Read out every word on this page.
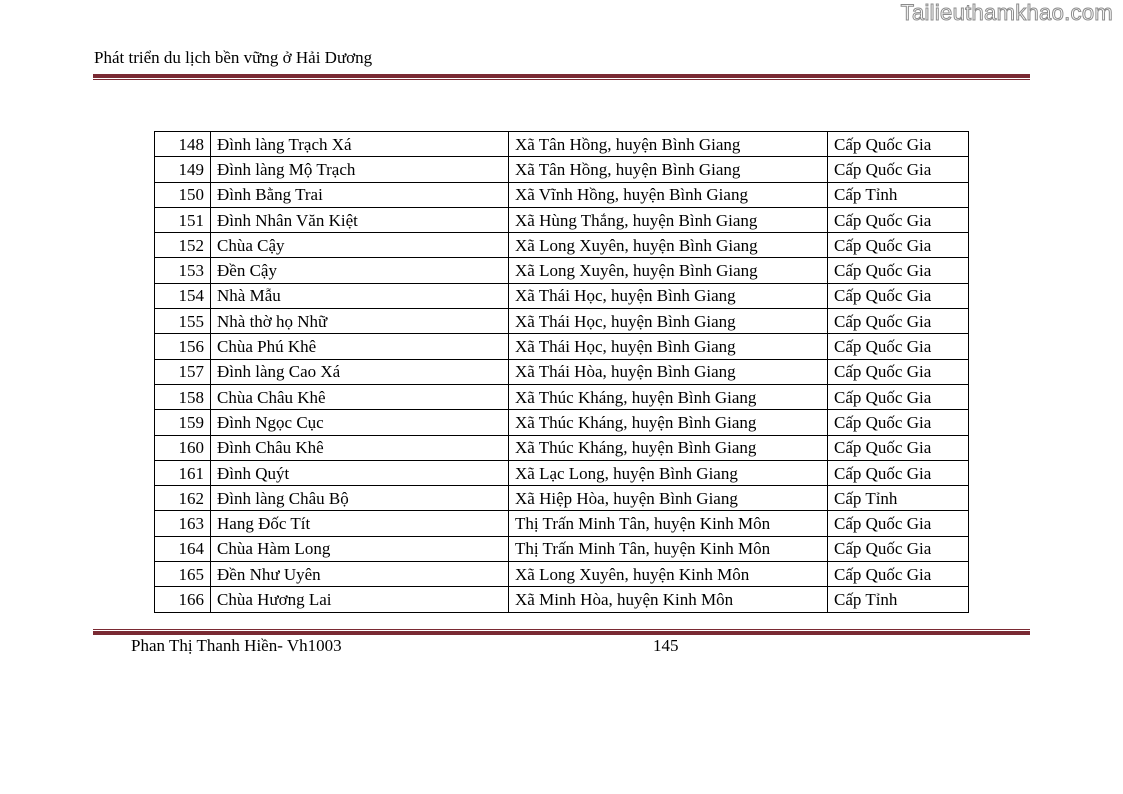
Tailieuthamkhao.com
Phát triển du lịch bền vững ở Hải Dương
148	Đình làng Trạch Xá	Xã Tân Hồng, huyện Bình Giang	Cấp Quốc Gia
149	Đình làng Mộ Trạch	Xã Tân Hồng, huyện Bình Giang	Cấp Quốc Gia
150	Đình Bằng Trai	Xã Vĩnh Hồng, huyện Bình Giang	Cấp Tỉnh
151	Đình Nhân Văn Kiệt	Xã Hùng Thắng, huyện Bình Giang	Cấp Quốc Gia
152	Chùa Cậy	Xã Long Xuyên, huyện Bình Giang	Cấp Quốc Gia
153	Đền Cậy	Xã Long Xuyên, huyện Bình Giang	Cấp Quốc Gia
154	Nhà Mẫu	Xã Thái Học, huyện Bình Giang	Cấp Quốc Gia
155	Nhà thờ họ Nhữ	Xã Thái Học, huyện Bình Giang	Cấp Quốc Gia
156	Chùa Phú Khê	Xã Thái Học, huyện Bình Giang	Cấp Quốc Gia
157	Đình làng Cao Xá	Xã Thái Hòa, huyện Bình Giang	Cấp Quốc Gia
158	Chùa Châu Khê	Xã Thúc Kháng, huyện Bình Giang	Cấp Quốc Gia
159	Đình Ngọc Cục	Xã Thúc Kháng, huyện Bình Giang	Cấp Quốc Gia
160	Đình Châu Khê	Xã Thúc Kháng, huyện Bình Giang	Cấp Quốc Gia
161	Đình Quýt	Xã Lạc Long, huyện Bình Giang	Cấp Quốc Gia
162	Đình làng Châu Bộ	Xã Hiệp Hòa, huyện Bình Giang	Cấp Tỉnh
163	Hang Đốc Tít	Thị Trấn Minh Tân, huyện Kinh Môn	Cấp Quốc Gia
164	Chùa Hàm Long	Thị Trấn Minh Tân, huyện Kinh Môn	Cấp Quốc Gia
165	Đền Như Uyên	Xã Long Xuyên, huyện Kinh Môn	Cấp Quốc Gia
166	Chùa Hương Lai	Xã Minh Hòa, huyện Kinh Môn	Cấp Tỉnh
Phan Thị Thanh Hiền- Vh1003	145
